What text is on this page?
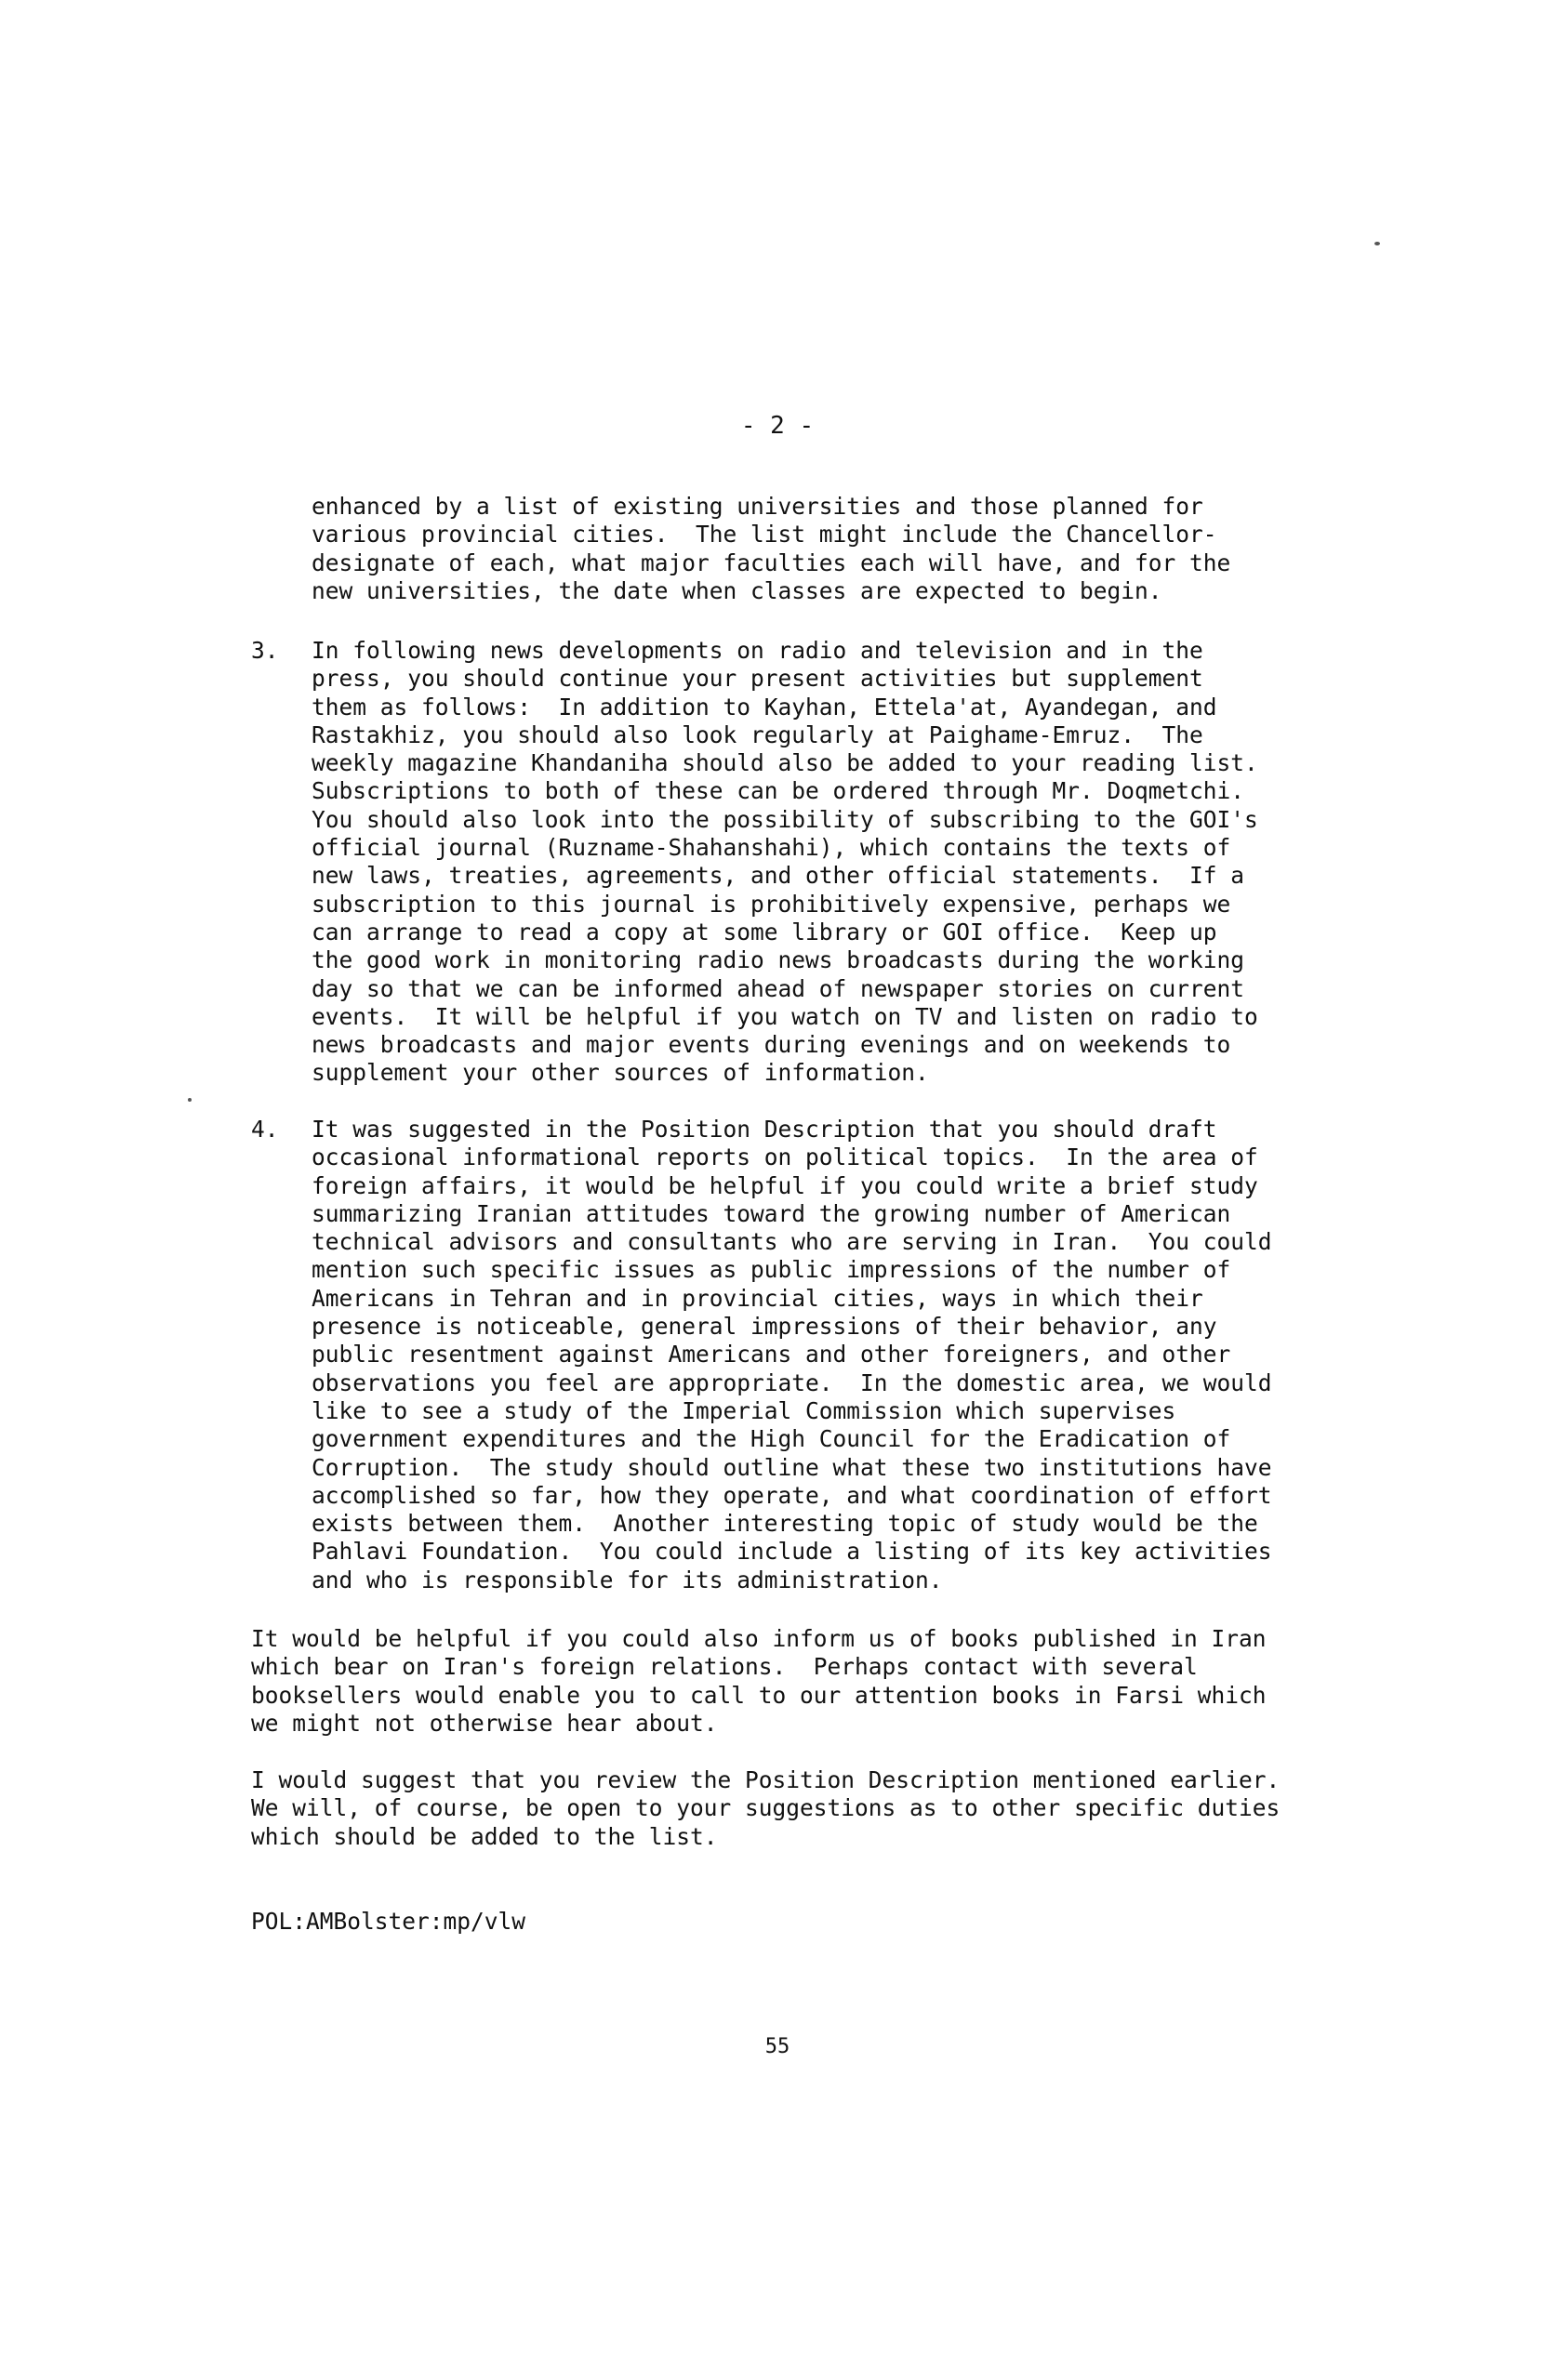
- 2 -
enhanced by a list of existing universities and those planned for
various provincial cities.  The list might include the Chancellor-
designate of each, what major faculties each will have, and for the
new universities, the date when classes are expected to begin.
3. In following news developments on radio and television and in the
press, you should continue your present activities but supplement
them as follows:  In addition to Kayhan, Ettela'at, Ayandegan, and
Rastakhiz, you should also look regularly at Paighame-Emruz.  The
weekly magazine Khandaniha should also be added to your reading list.
Subscriptions to both of these can be ordered through Mr. Doqmetchi.
You should also look into the possibility of subscribing to the GOI's
official journal (Ruzname-Shahanshahi), which contains the texts of
new laws, treaties, agreements, and other official statements.  If a
subscription to this journal is prohibitively expensive, perhaps we
can arrange to read a copy at some library or GOI office.  Keep up
the good work in monitoring radio news broadcasts during the working
day so that we can be informed ahead of newspaper stories on current
events.  It will be helpful if you watch on TV and listen on radio to
news broadcasts and major events during evenings and on weekends to
supplement your other sources of information.
4. It was suggested in the Position Description that you should draft
occasional informational reports on political topics.  In the area of
foreign affairs, it would be helpful if you could write a brief study
summarizing Iranian attitudes toward the growing number of American
technical advisors and consultants who are serving in Iran.  You could
mention such specific issues as public impressions of the number of
Americans in Tehran and in provincial cities, ways in which their
presence is noticeable, general impressions of their behavior, any
public resentment against Americans and other foreigners, and other
observations you feel are appropriate.  In the domestic area, we would
like to see a study of the Imperial Commission which supervises
government expenditures and the High Council for the Eradication of
Corruption.  The study should outline what these two institutions have
accomplished so far, how they operate, and what coordination of effort
exists between them.  Another interesting topic of study would be the
Pahlavi Foundation.  You could include a listing of its key activities
and who is responsible for its administration.
It would be helpful if you could also inform us of books published in Iran
which bear on Iran's foreign relations.  Perhaps contact with several
booksellers would enable you to call to our attention books in Farsi which
we might not otherwise hear about.
I would suggest that you review the Position Description mentioned earlier.
We will, of course, be open to your suggestions as to other specific duties
which should be added to the list.
POL:AMBolster:mp/vlw
55
